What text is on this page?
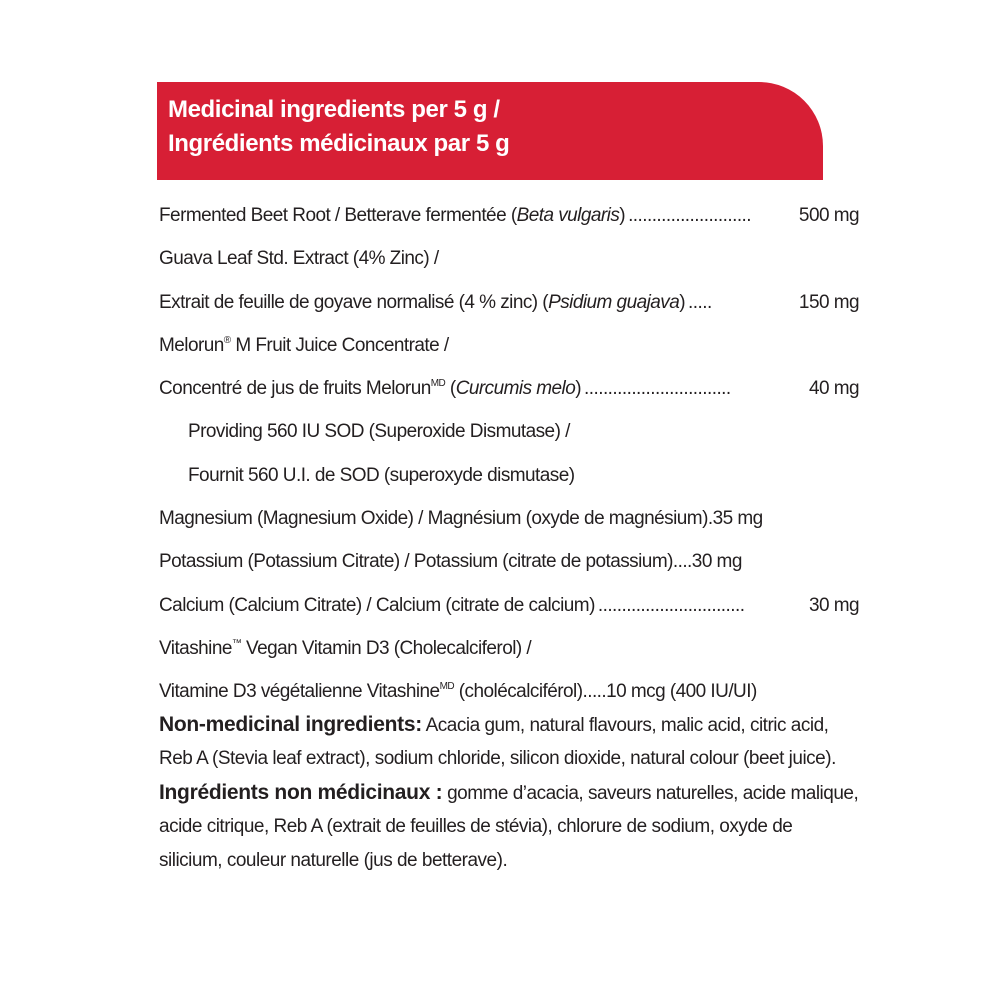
Medicinal ingredients per 5 g /
Ingrédients médicinaux par 5 g
Fermented Beet Root / Betterave fermentée (Beta vulgaris) ..........................	500 mg
Guava Leaf Std. Extract (4% Zinc) /
Extrait de feuille de goyave normalisé (4 % zinc) (Psidium guajava) .....	150 mg
Melorun® M Fruit Juice Concentrate /
Concentré de jus de fruits Melorun$^{MD}$ (Curcumis melo) ...............................	40 mg
Providing 560 IU SOD (Superoxide Dismutase) /
Fournit 560 U.I. de SOD (superoxyde dismutase)
Magnesium (Magnesium Oxide) / Magnésium (oxyde de magnésium) . 35 mg
Potassium (Potassium Citrate) / Potassium (citrate de potassium) .... 30 mg
Calcium (Calcium Citrate) / Calcium (citrate de calcium) ...............................	30 mg
Vitashine™ Vegan Vitamin D3 (Cholecalciferol) /
Vitamine D3 végétalienne Vitashine$^{MD}$ (cholécalciférol) ..... 10 mcg (400 IU/UI)
Non-medicinal ingredients: Acacia gum, natural flavours, malic acid, citric acid, Reb A (Stevia leaf extract), sodium chloride, silicon dioxide, natural colour (beet juice).
Ingrédients non médicinaux : gomme d’acacia, saveurs naturelles, acide malique, acide citrique, Reb A (extrait de feuilles de stévia), chlorure de sodium, oxyde de silicium, couleur naturelle (jus de betterave).
